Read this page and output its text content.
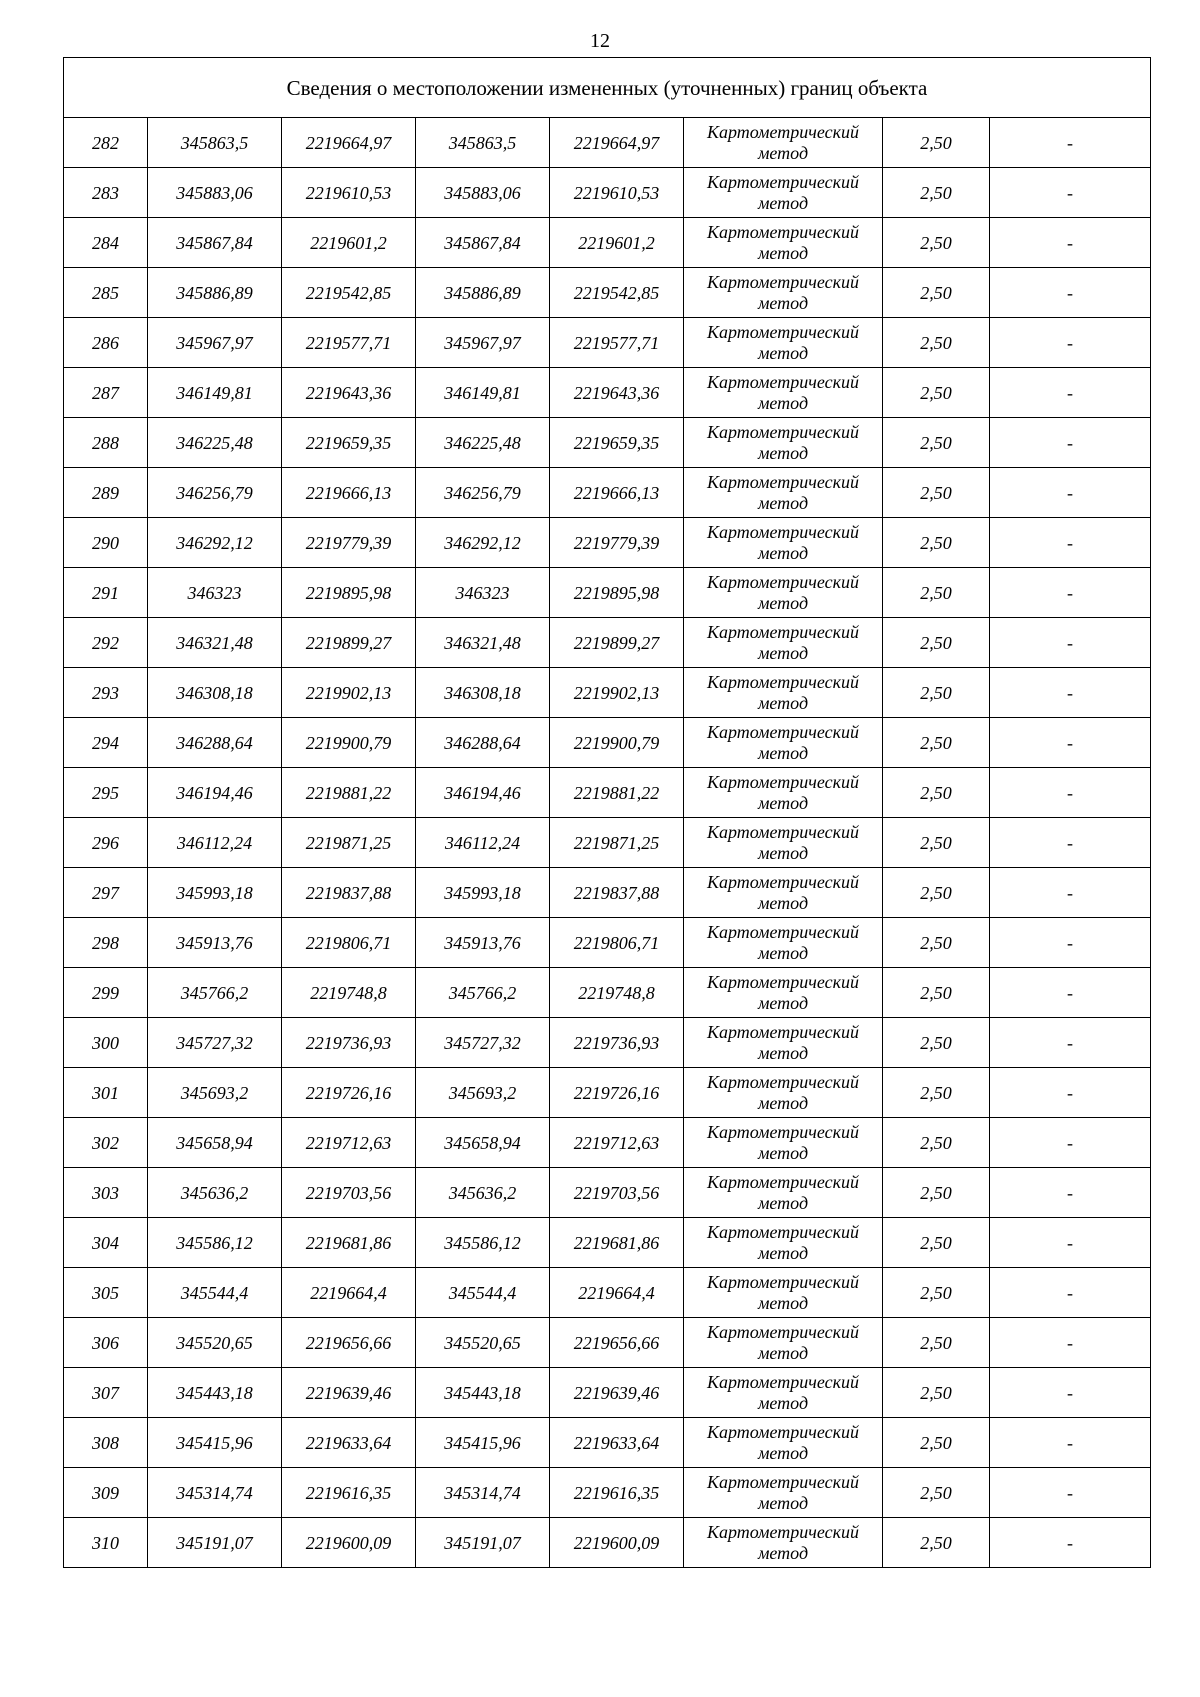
12
Сведения о местоположении измененных (уточненных) границ объекта							
282	345863,5	2219664,97	345863,5	2219664,97	Картометрический метод	2,50	-
283	345883,06	2219610,53	345883,06	2219610,53	Картометрический метод	2,50	-
284	345867,84	2219601,2	345867,84	2219601,2	Картометрический метод	2,50	-
285	345886,89	2219542,85	345886,89	2219542,85	Картометрический метод	2,50	-
286	345967,97	2219577,71	345967,97	2219577,71	Картометрический метод	2,50	-
287	346149,81	2219643,36	346149,81	2219643,36	Картометрический метод	2,50	-
288	346225,48	2219659,35	346225,48	2219659,35	Картометрический метод	2,50	-
289	346256,79	2219666,13	346256,79	2219666,13	Картометрический метод	2,50	-
290	346292,12	2219779,39	346292,12	2219779,39	Картометрический метод	2,50	-
291	346323	2219895,98	346323	2219895,98	Картометрический метод	2,50	-
292	346321,48	2219899,27	346321,48	2219899,27	Картометрический метод	2,50	-
293	346308,18	2219902,13	346308,18	2219902,13	Картометрический метод	2,50	-
294	346288,64	2219900,79	346288,64	2219900,79	Картометрический метод	2,50	-
295	346194,46	2219881,22	346194,46	2219881,22	Картометрический метод	2,50	-
296	346112,24	2219871,25	346112,24	2219871,25	Картометрический метод	2,50	-
297	345993,18	2219837,88	345993,18	2219837,88	Картометрический метод	2,50	-
298	345913,76	2219806,71	345913,76	2219806,71	Картометрический метод	2,50	-
299	345766,2	2219748,8	345766,2	2219748,8	Картометрический метод	2,50	-
300	345727,32	2219736,93	345727,32	2219736,93	Картометрический метод	2,50	-
301	345693,2	2219726,16	345693,2	2219726,16	Картометрический метод	2,50	-
302	345658,94	2219712,63	345658,94	2219712,63	Картометрический метод	2,50	-
303	345636,2	2219703,56	345636,2	2219703,56	Картометрический метод	2,50	-
304	345586,12	2219681,86	345586,12	2219681,86	Картометрический метод	2,50	-
305	345544,4	2219664,4	345544,4	2219664,4	Картометрический метод	2,50	-
306	345520,65	2219656,66	345520,65	2219656,66	Картометрический метод	2,50	-
307	345443,18	2219639,46	345443,18	2219639,46	Картометрический метод	2,50	-
308	345415,96	2219633,64	345415,96	2219633,64	Картометрический метод	2,50	-
309	345314,74	2219616,35	345314,74	2219616,35	Картометрический метод	2,50	-
310	345191,07	2219600,09	345191,07	2219600,09	Картометрический метод	2,50	-
